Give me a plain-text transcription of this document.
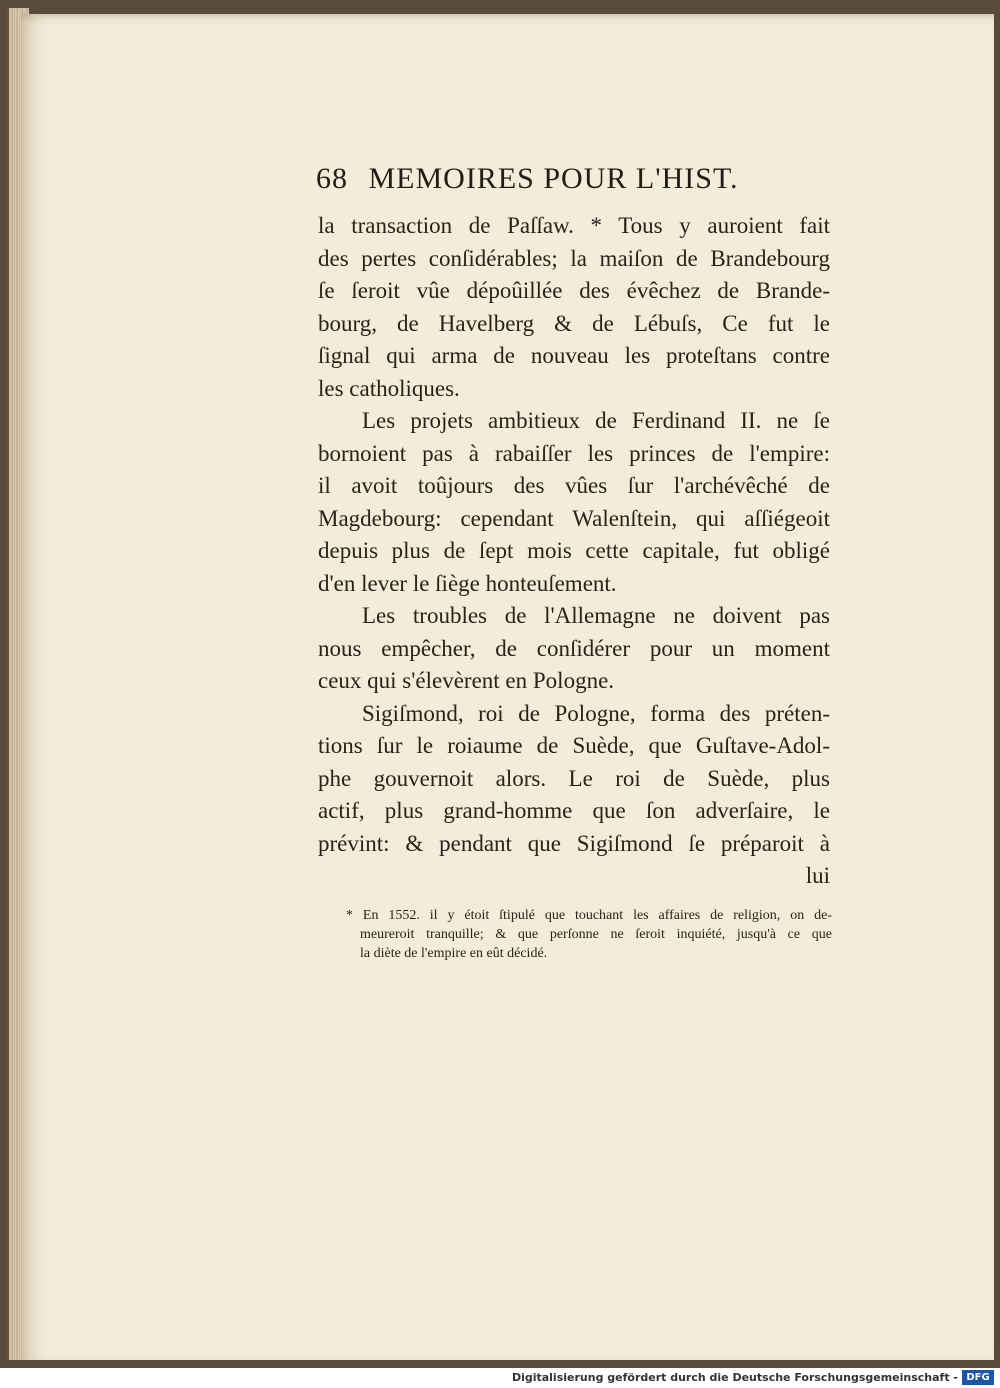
68 MEMOIRES POUR L'HIST.
la transaction de Paſſaw. * Tous y auroient fait
des pertes conſidérables; la maiſon de Brandebourg
ſe ſeroit vûe dépoûillée des évêchez de Brande-
bourg, de Havelberg & de Lébuſs, Ce fut le
ſignal qui arma de nouveau les proteſtans contre
les catholiques.
Les projets ambitieux de Ferdinand II. ne ſe
bornoient pas à rabaiſſer les princes de l'empire:
il avoit toûjours des vûes ſur l'archévêché de
Magdebourg: cependant Walenſtein, qui aſſiégeoit
depuis plus de ſept mois cette capitale, fut obligé
d'en lever le ſiège honteuſement.
Les troubles de l'Allemagne ne doivent pas
nous empêcher, de conſidérer pour un moment
ceux qui s'élevèrent en Pologne.
Sigiſmond, roi de Pologne, forma des préten-
tions ſur le roiaume de Suède, que Guſtave-Adol-
phe gouvernoit alors. Le roi de Suède, plus
actif, plus grand-homme que ſon adverſaire, le
prévint: & pendant que Sigiſmond ſe préparoit à
lui
* En 1552. il y étoit ſtipulé que touchant les affaires de religion, on de-
meureroit tranquille; & que perſonne ne ſeroit inquiété, jusqu'à ce que
la diète de l'empire en eût décidé.
Digitalisierung gefördert durch die Deutsche Forschungsgemeinschaft - DFG
